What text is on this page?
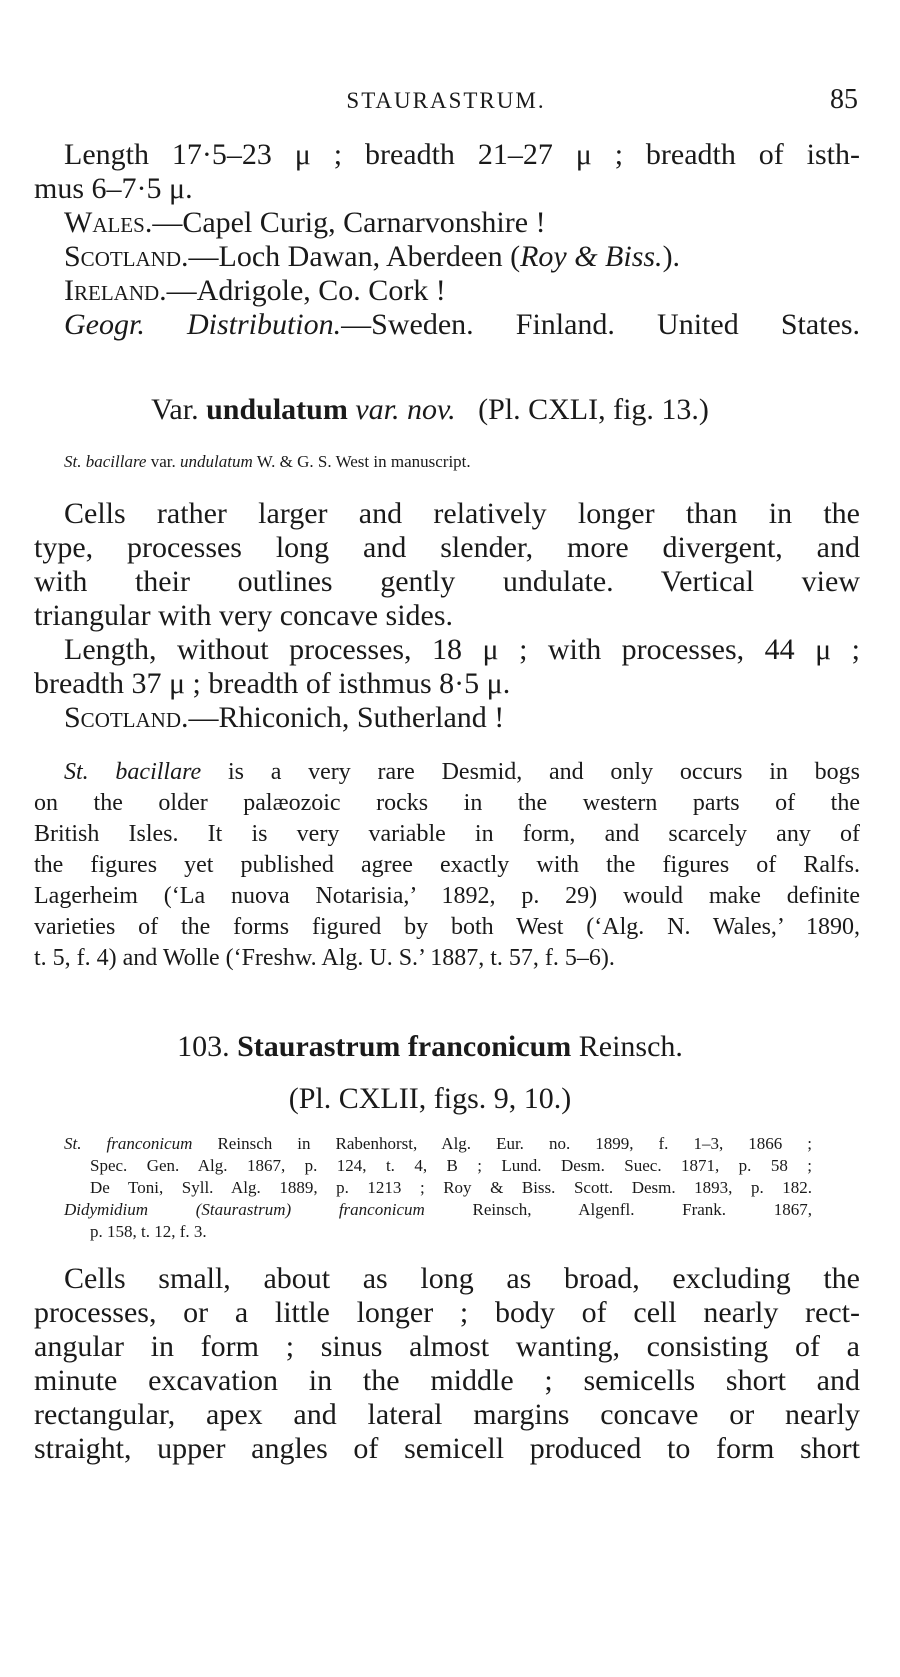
STAURASTRUM.	85
Length 17·5–23 μ ; breadth 21–27 μ ; breadth of isth-
mus 6–7·5 μ.
Wales.—Capel Curig, Carnarvonshire !
Scotland.—Loch Dawan, Aberdeen (Roy & Biss.).
Ireland.—Adrigole, Co. Cork !
Geogr. Distribution.—Sweden. Finland. United States.
Var. undulatum var. nov. (Pl. CXLI, fig. 13.)
St. bacillare var. undulatum W. & G. S. West in manuscript.
Cells rather larger and relatively longer than in the
type, processes long and slender, more divergent, and
with their outlines gently undulate. Vertical view
triangular with very concave sides.
Length, without processes, 18 μ ; with processes, 44 μ ;
breadth 37 μ ; breadth of isthmus 8·5 μ.
Scotland.—Rhiconich, Sutherland !
St. bacillare is a very rare Desmid, and only occurs in bogs
on the older palæozoic rocks in the western parts of the
British Isles. It is very variable in form, and scarcely any of
the figures yet published agree exactly with the figures of Ralfs.
Lagerheim (‘La nuova Notarisia,’ 1892, p. 29) would make definite
varieties of the forms figured by both West (‘Alg. N. Wales,’ 1890,
t. 5, f. 4) and Wolle (‘Freshw. Alg. U. S.’ 1887, t. 57, f. 5–6).
103. Staurastrum franconicum Reinsch.
(Pl. CXLII, figs. 9, 10.)
St. franconicum Reinsch in Rabenhorst, Alg. Eur. no. 1899, f. 1–3, 1866 ;
Spec. Gen. Alg. 1867, p. 124, t. 4, B ; Lund. Desm. Suec. 1871, p. 58 ;
De Toni, Syll. Alg. 1889, p. 1213 ; Roy & Biss. Scott. Desm. 1893, p. 182.
Didymidium (Staurastrum) franconicum	Reinsch, Algenfl. Frank. 1867,
p. 158, t. 12, f. 3.
Cells small, about as long as broad, excluding the
processes, or a little longer ; body of cell nearly rect-
angular in form ; sinus almost wanting, consisting of a
minute excavation in the middle ; semicells short and
rectangular, apex and lateral margins concave or nearly
straight, upper angles of semicell produced to form short
